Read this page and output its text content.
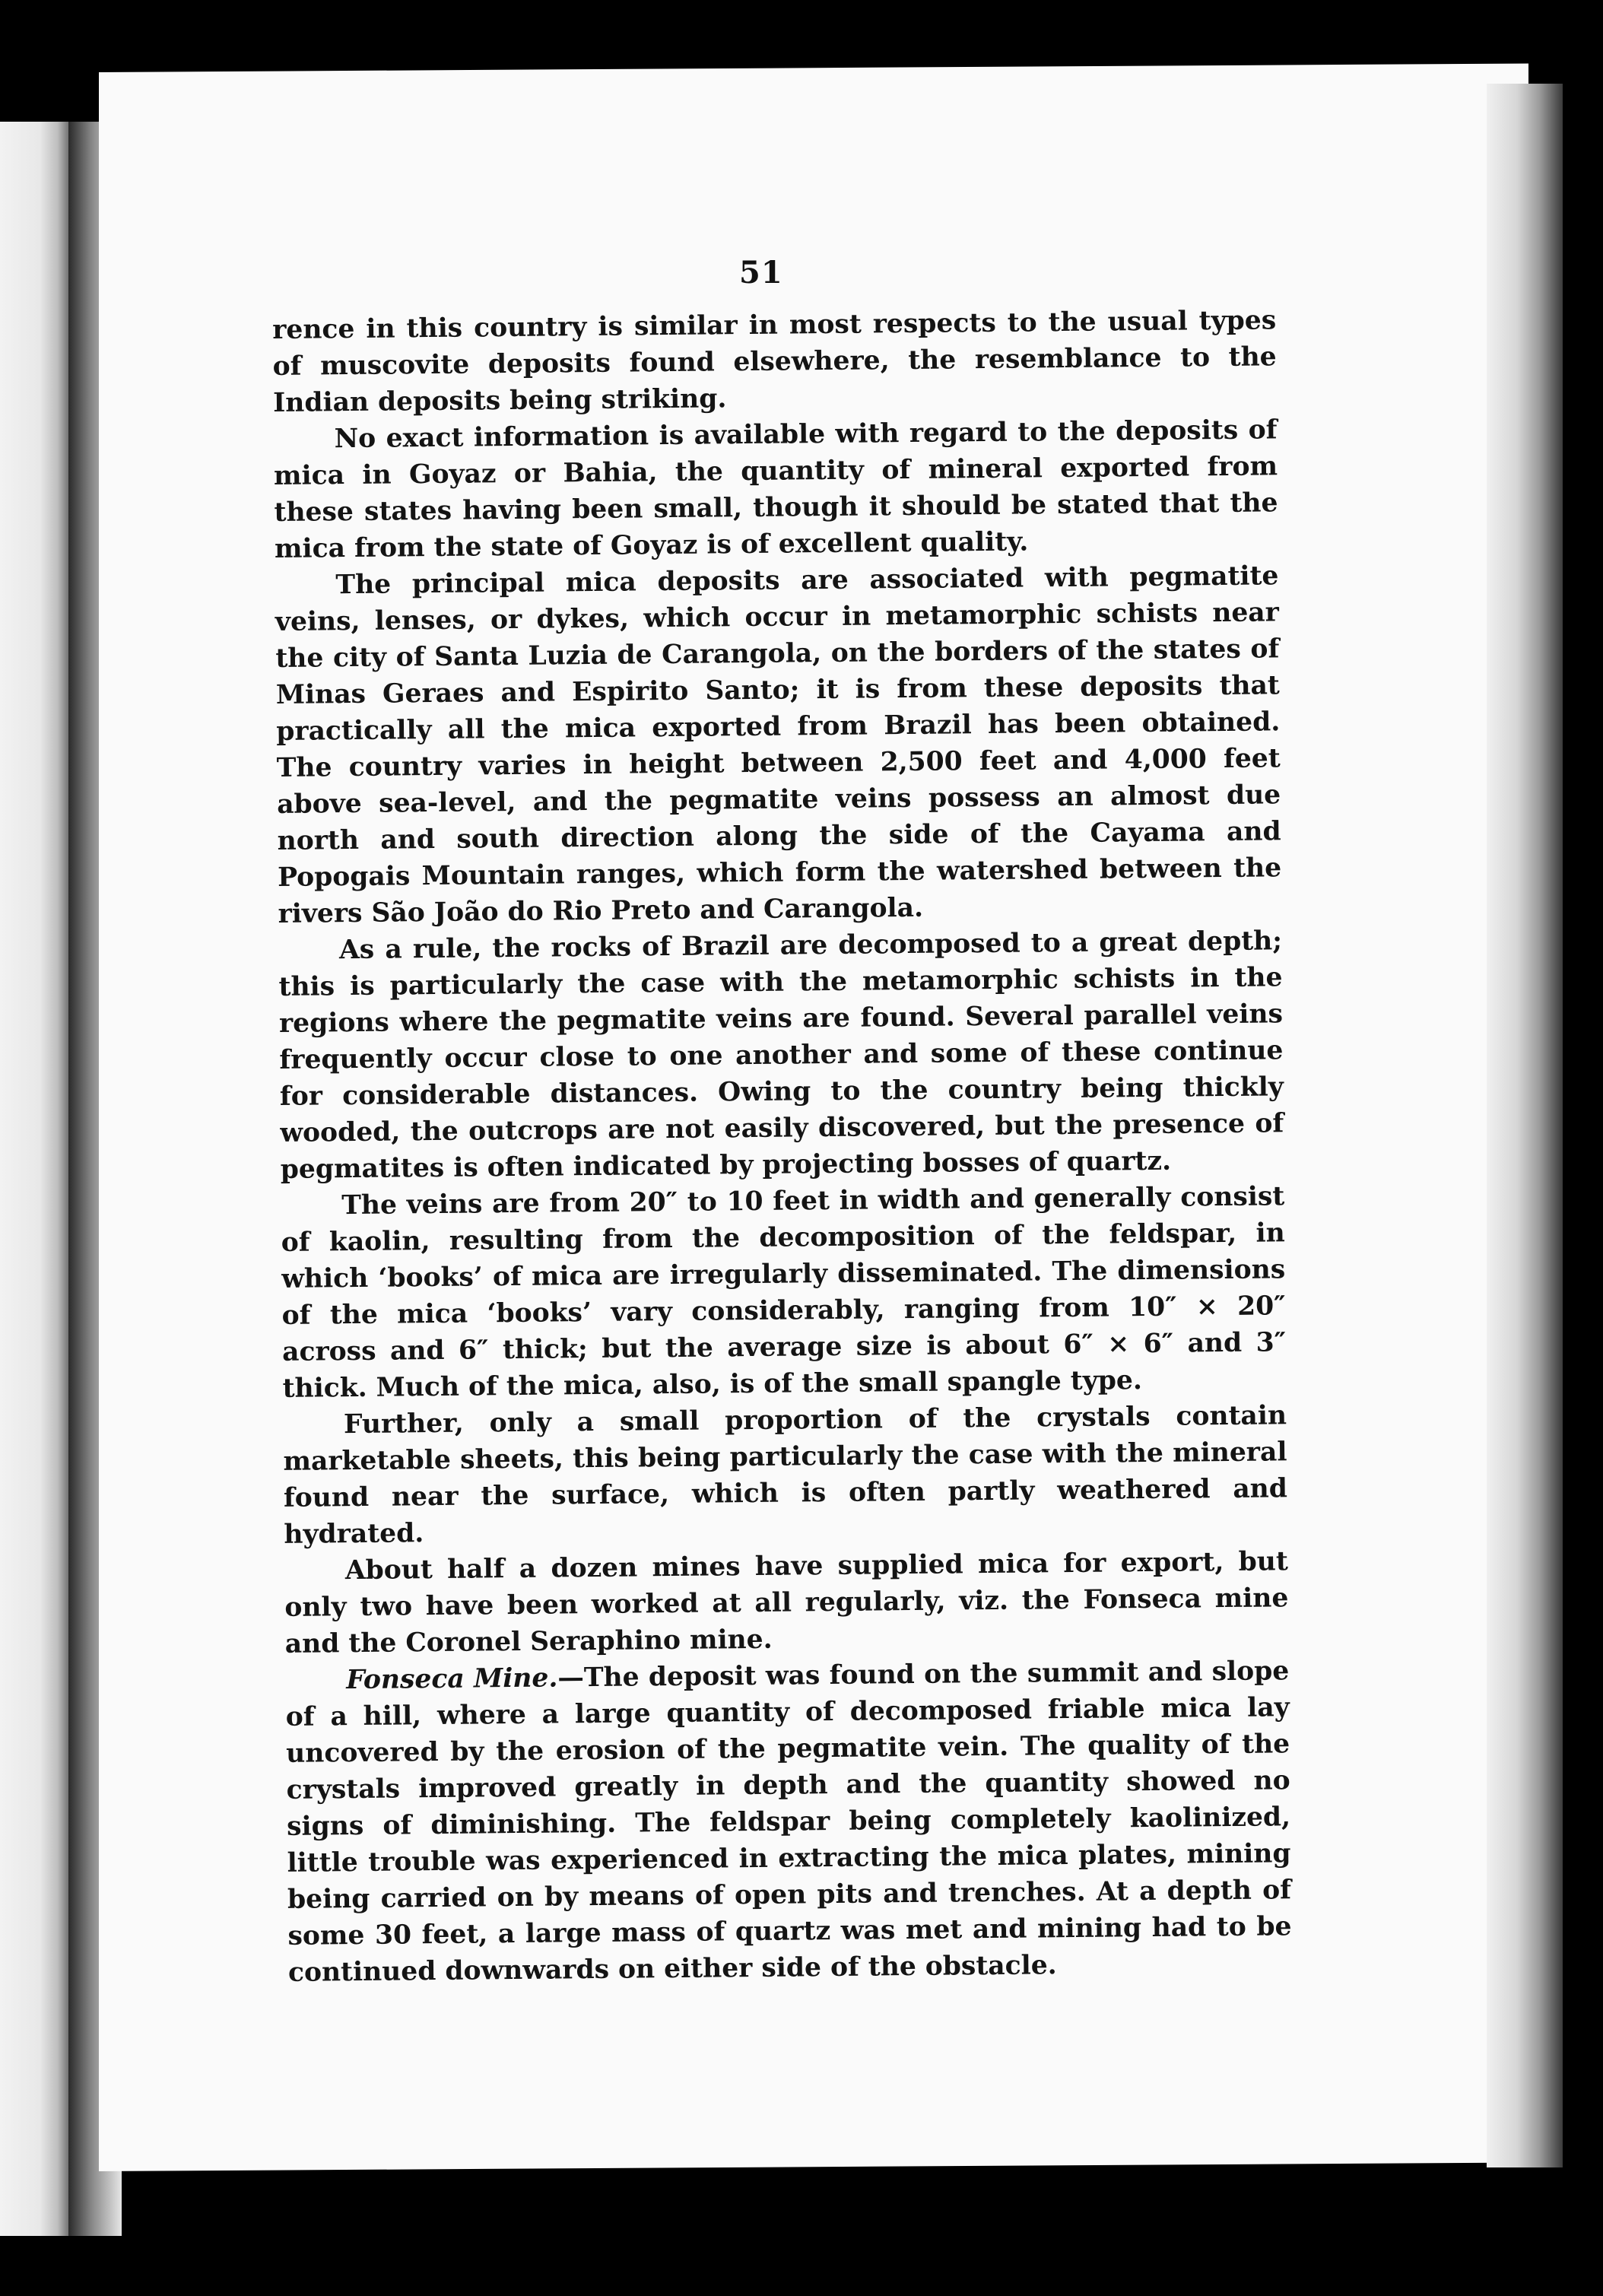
51

rence in this country is similar in most respects to the usual types of muscovite deposits found elsewhere, the resemblance to the Indian deposits being striking.

No exact information is available with regard to the deposits of mica in Goyaz or Bahia, the quantity of mineral exported from these states having been small, though it should be stated that the mica from the state of Goyaz is of excellent quality.

The principal mica deposits are associated with pegmatite veins, lenses, or dykes, which occur in metamorphic schists near the city of Santa Luzia de Carangola, on the borders of the states of Minas Geraes and Espirito Santo; it is from these deposits that practically all the mica exported from Brazil has been obtained. The country varies in height between 2,500 feet and 4,000 feet above sea-level, and the pegmatite veins possess an almost due north and south direction along the side of the Cayama and Popogais Mountain ranges, which form the watershed between the rivers São João do Rio Preto and Carangola.

As a rule, the rocks of Brazil are decomposed to a great depth; this is particularly the case with the metamorphic schists in the regions where the pegmatite veins are found. Several parallel veins frequently occur close to one another and some of these continue for considerable distances. Owing to the country being thickly wooded, the outcrops are not easily discovered, but the presence of pegmatites is often indicated by projecting bosses of quartz.

The veins are from 20″ to 10 feet in width and generally consist of kaolin, resulting from the decomposition of the feldspar, in which ‘books’ of mica are irregularly disseminated. The dimensions of the mica ‘books’ vary considerably, ranging from 10″ × 20″ across and 6″ thick; but the average size is about 6″ × 6″ and 3″ thick. Much of the mica, also, is of the small spangle type.

Further, only a small proportion of the crystals contain marketable sheets, this being particularly the case with the mineral found near the surface, which is often partly weathered and hydrated.

About half a dozen mines have supplied mica for export, but only two have been worked at all regularly, viz. the Fonseca mine and the Coronel Seraphino mine.

Fonseca Mine.—The deposit was found on the summit and slope of a hill, where a large quantity of decomposed friable mica lay uncovered by the erosion of the pegmatite vein. The quality of the crystals improved greatly in depth and the quantity showed no signs of diminishing. The feldspar being completely kaolinized, little trouble was experienced in extracting the mica plates, mining being carried on by means of open pits and trenches. At a depth of some 30 feet, a large mass of quartz was met and mining had to be continued downwards on either side of the obstacle.
